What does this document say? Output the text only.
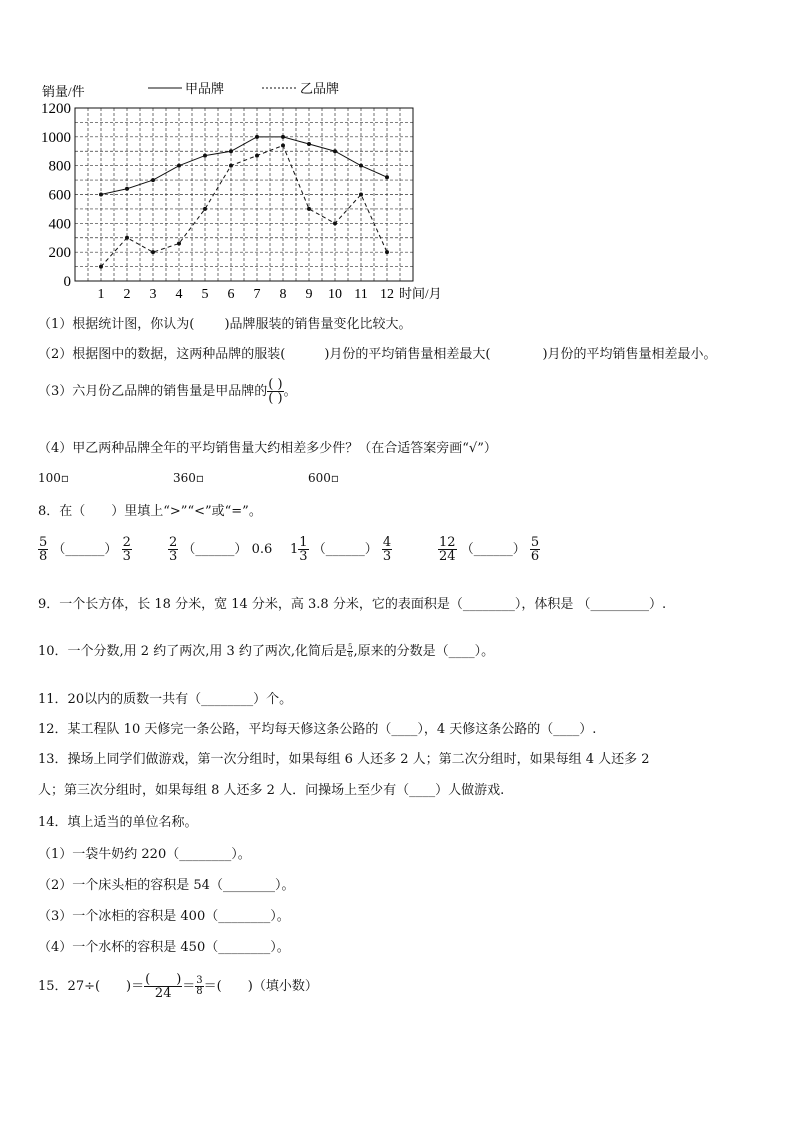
0
200
400
600
800
1000
1200
1 2 3 4 5 6 7 8 9 10 11 12
销量/件
时间/月
甲品牌	乙品牌
（1）根据统计图，你认为(　　 )品牌服装的销售量变化比较大。
（2）根据图中的数据，这两种品牌的服装(　　　)月份的平均销售量相差最大(　　　　)月份的平均销售量相差最小。
（3）六月份乙品牌的销售量是甲品牌的 $\frac{( )}{( )}$ 。
（4）甲乙两种品牌全年的平均销售量大约相差多少件？（在合适答案旁画“√”）
100▫	360▫	600▫
8．在（　　）里填上“>”“<”或“=”。
$\frac{5}{8}$ （______） $\frac{2}{3}$	$\frac{2}{3}$ （______） 0.6 $1 \frac{1}{3}$ （______） $\frac{4}{3}$	$\frac{12}{24}$ （______） $\frac{5}{6}$
9．一个长方体，长 18 分米，宽 14 分米，高 3.8 分米，它的表面积是（________），体积是 （_________）.
10．一个分数,用 2 约了两次,用 3 约了两次,化简后是 $\frac{5}{6}$ ,原来的分数是（____）。
11．20以内的质数一共有（________）个。
12．某工程队 10 天修完一条公路，平均每天修这条公路的（____），4 天修这条公路的（____）.
13．操场上同学们做游戏，第一次分组时，如果每组 6 人还多 2 人；第二次分组时，如果每组 4 人还多 2
人；第三次分组时，如果每组 8 人还多 2 人．问操场上至少有（____）人做游戏.
14．填上适当的单位名称。
（1）一袋牛奶约 220（________）。
（2）一个床头柜的容积是 54（________）。
（3）一个冰柜的容积是 400（________）。
（4）一个水杯的容积是 450（________）。
15．27÷(　　)＝ $\frac{( )}{24} = \frac{3}{8}$ ＝(　　)（填小数）
